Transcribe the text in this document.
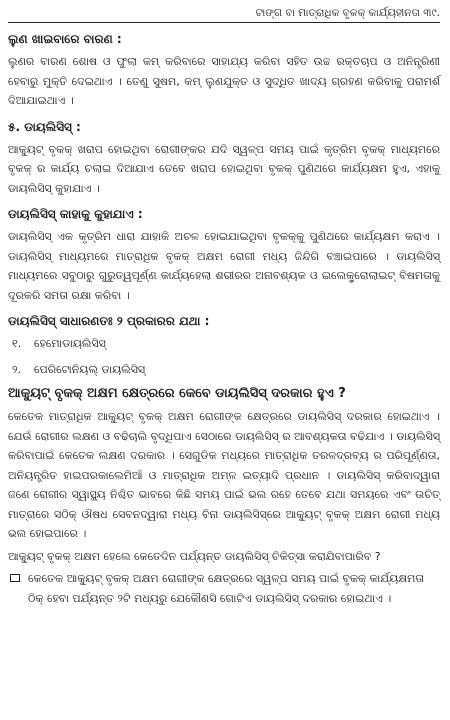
ଟାଙ୍ଗ ବା ମାତ୍ରାଧିକ ବୃକକ୍ କାର୍ଯ୍ୟହୀନତା ୩୯.
ଲୁଣ ଖାଇବାରେ ବାରଣ :

ଲୁଣର ବାରଣ ଶୋଷ ଓ ଫୁଲା କମ୍ କରିବାରେ ସାହାଯ୍ୟ କରିବା ସହିତ ଉଚ୍ଚ ରକ୍ତଚାପ ଓ ଅନିନ୍ତ୍ରିଣୀ ହେବାରୁ ମୁକ୍ତି ଦେଇଥାଏ । ତେଣୁ ସୁଷମ, କମ୍ ଲୁଣଯୁକ୍ତ ଓ ସୁଦ୍ଧିତ ଖାଦ୍ୟ ଗ୍ରହଣ କରିବାକୁ ପରାମର୍ଶ ଦିଆଯାଇଥାଏ ।

୫. ଡାୟଲିସିସ୍ :

ଆକ୍ୟୁଟ୍ ବୃକକ୍ ଖରାପ ହୋଇଥିବା ରୋଗୀଙ୍କର ଯଦି ସ୍ୱଳ୍ପ ସମୟ ପାଇଁ କୃତ୍ରିମ ବୃକକ୍ ମାଧ୍ୟମରେ ବୃକକ୍ ର କାର୍ଯ୍ୟ ଚଲାଇ ଦିଆଯାଏ ତେବେ ଖରାପ ହୋଇଥିବା ବୃକକ୍ ପୁଣିଥରେ କାର୍ଯ୍ୟକ୍ଷମ ହୁଏ, ଏହାକୁ ଡାୟଲିସିସ୍ କୁହାଯାଏ ।

ଡାୟଲିସିସ୍ କାହାକୁ କୁହାଯାଏ :

ଡାୟଲିସିସ୍ ଏକ କୃତ୍ରିମ ଧାରା ଯାହାକି ଅଚଳ ହୋଇଯାଇଥିବା ବୃକକ୍‌କୁ ପୁଣିଥରେ କାର୍ଯ୍ୟକ୍ଷମ କରାଏ । ଡାୟଲିସିସ୍ ମାଧ୍ୟମରେ ମାତ୍ରାଧିକ ବୃକକ୍ ଅକ୍ଷମ ରୋଗୀ ମଧ୍ୟ ଜିନ୍ଦିଗି ବଞ୍ଚାଇପାରେ । ଡାୟଲିସିସ୍ ମାଧ୍ୟମରେ ସବୁଠାରୁ ଗୁରୁତ୍ୱପୂର୍ଣ୍ଣ କାର୍ଯ୍ୟହେଲା ଶରୀରର ଅନାବଶ୍ୟକ ଓ ଇଲେକ୍ଟ୍ରୋଲାଇଟ୍ ବିଷମତାକୁ ଦୂରକରି ସମତା ରକ୍ଷା କରିବା ।

ଡାୟଲିସିସ୍ ସାଧାରଣତଃ ୨ ପ୍ରକାରର ଯଥା :
୧.	ହେମୋଡାୟଲିସିସ୍
୨.	ପେରିଟୋନିୟଲ୍ ଡାୟଲିସିସ୍
ଆକ୍ୟୁଟ୍ ବୃକକ୍ ଅକ୍ଷମ କ୍ଷେତ୍ରରେ କେବେ ଡାୟଲିସିସ୍ ଦରକାର ହୁଏ ?

କେତେକ ମାତ୍ରାଧିକ ଆକ୍ୟୁଟ୍ ବୃକକ୍ ଅକ୍ଷମ ରୋଗୀଙ୍କ କ୍ଷେତ୍ରରେ ଡାୟଲିସିସ୍ ଦରକାର ହୋଇଥାଏ । ଯେଉଁ ରୋଗୀର ଲକ୍ଷଣ ଓ ବଢିଚାଲି ବୃଦ୍ଧିପାଏ ସେଠାରେ ଡାୟଲିସିସ୍ ର ଆବଶ୍ୟକତା ବଢିଯାଏ । ଡାୟଲିସିସ୍ କରିବାପାଇଁ କେତେକ ଲକ୍ଷଣ ଦରକାର । ସେଗୁଡିକ ମଧ୍ୟରେ ମାତ୍ରାଧିକ ତରଳଦ୍ରବ୍ୟ ର ପରିପୂର୍ଣ୍ଣତା, ଅନିୟନ୍ତ୍ରିତ ହାଇପରକାଲେମିଆଁ ଓ ମାତ୍ରାଧିକ ଅମ୍ଳ ଇତ୍ୟାଦି ପ୍ରଧାନ । ଡାୟଲିସିସ୍ କରିବାଦ୍ୱାରା ଜଣେ ରୋଗୀର ସ୍ୱାସ୍ଥ୍ୟ ନିଶ୍ଚିତ ଭାବରେ କିଛି ସମୟ ପାଇଁ ଭଲ ରହେ ତେବେ ଯଥା ସମୟରେ ଏବଂ ଉଚିତ୍ ମାତ୍ରାରେ ସଠିକ୍ ଔଷଧ ସେବନଦ୍ୱାରା ମଧ୍ୟ ବିନା ଡାୟଲିସିସ୍‌ରେ ଆକ୍ୟୁଟ୍ ବୃକକ୍ ଅକ୍ଷମ ରୋଗୀ ମଧ୍ୟ ଭଲ ହୋଇପାରେ ।

ଆକ୍ୟୁଟ୍ ବୃକକ୍ ଅକ୍ଷମ ହେଲେ କେତେଦିନ ପର୍ଯ୍ୟନ୍ତ ଡାୟଲିସିସ୍ ଚିକିତ୍ସା କରାଯିବାପାରିବ ?

କେତେକ ଆକ୍ୟୁଟ୍ ବୃକକ୍ ଅକ୍ଷମ ରୋଗୀଙ୍କ କ୍ଷେତ୍ରରେ ସ୍ୱଳ୍ପ ସମୟ ପାଇଁ ବୃକକ୍ କାର୍ଯ୍ୟକ୍ଷମତା ଠିକ୍ ହେବା ପର୍ଯ୍ୟନ୍ତ ୨ଟି ମଧ୍ୟରୁ ଯେକୌଣସି ଗୋଟିଏ ଡାୟଲିସିସ୍ ଦରକାର ହୋଇଥାଏ ।
